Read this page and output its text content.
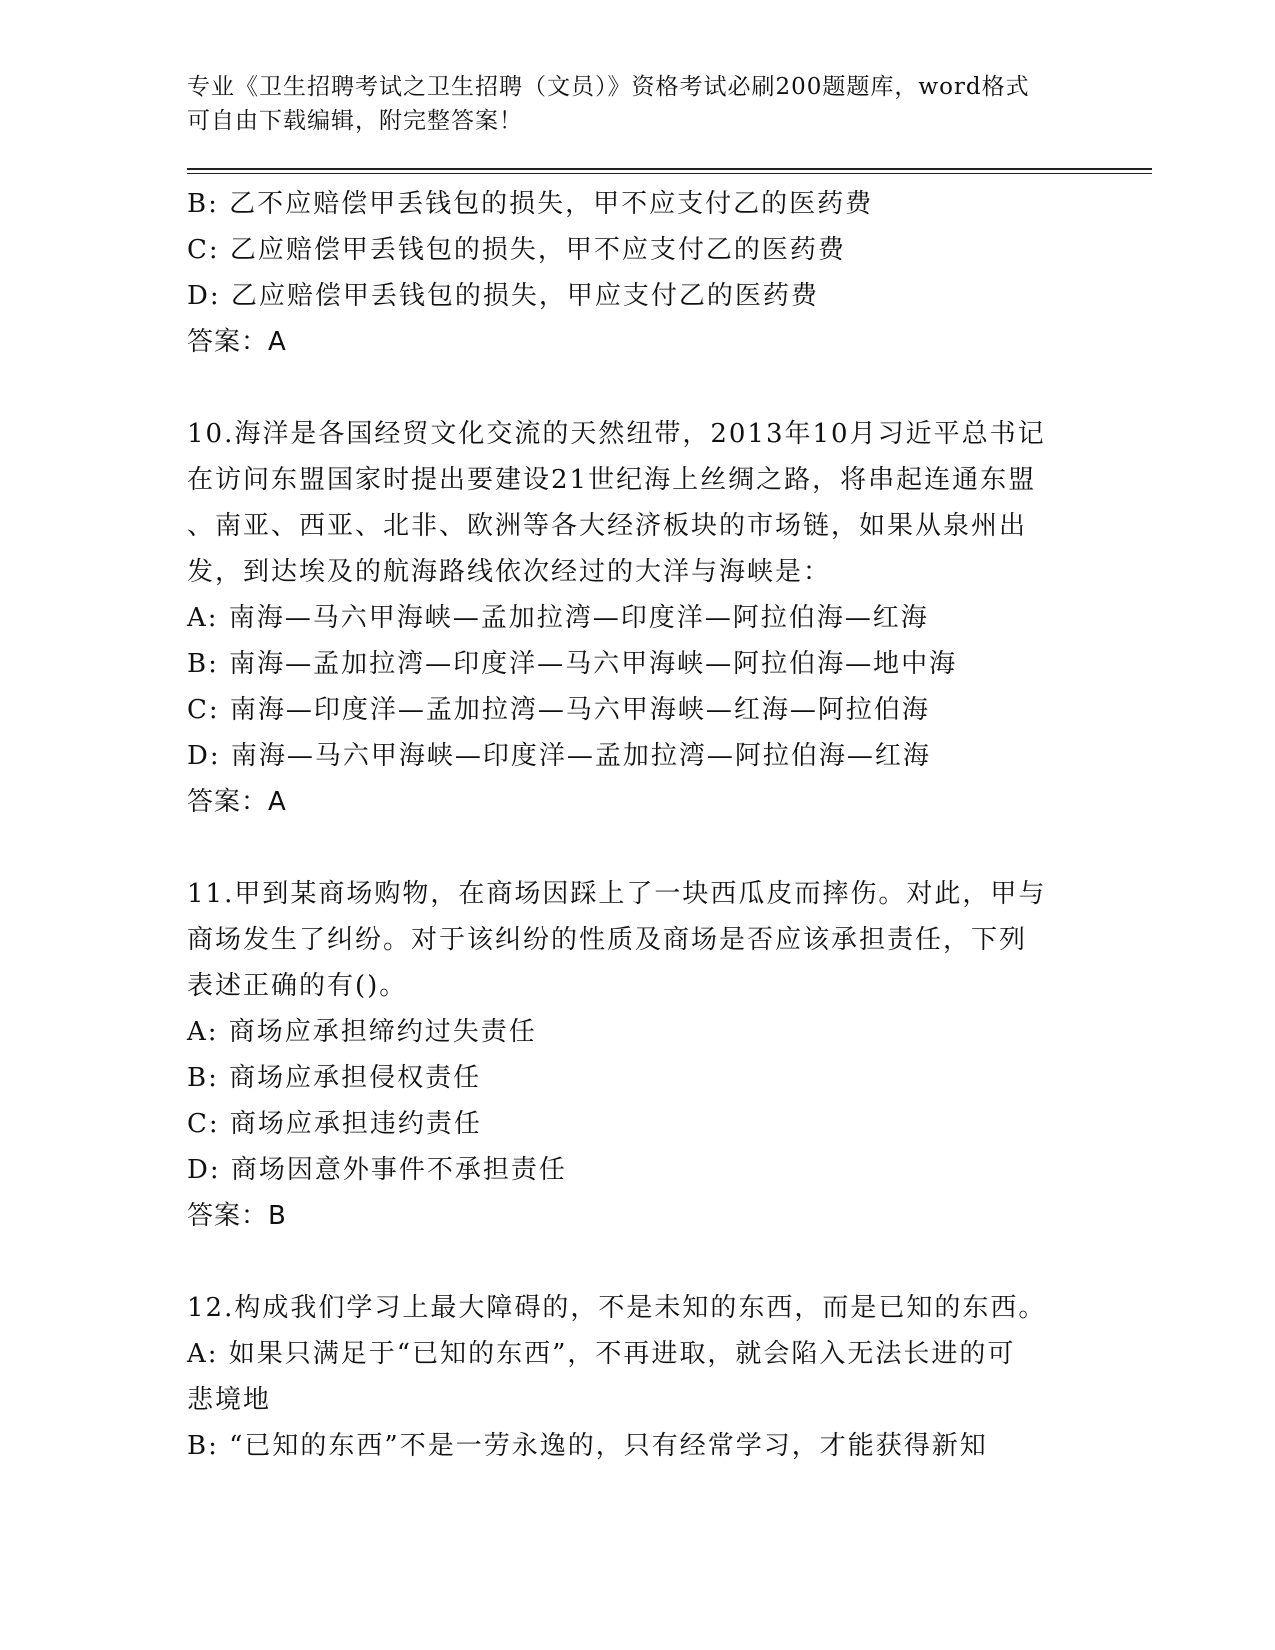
专业《卫生招聘考试之卫生招聘（文员）》资格考试必刷200题题库，word格式
可自由下载编辑，附完整答案！

B: 乙不应赔偿甲丢钱包的损失，甲不应支付乙的医药费
C: 乙应赔偿甲丢钱包的损失，甲不应支付乙的医药费
D: 乙应赔偿甲丢钱包的损失，甲应支付乙的医药费
答案：A
10.海洋是各国经贸文化交流的天然纽带，2013年10月习近平总书记
在访问东盟国家时提出要建设21世纪海上丝绸之路，将串起连通东盟
、南亚、西亚、北非、欧洲等各大经济板块的市场链，如果从泉州出
发，到达埃及的航海路线依次经过的大洋与海峡是：
A: 南海—马六甲海峡—孟加拉湾—印度洋—阿拉伯海—红海
B: 南海—孟加拉湾—印度洋—马六甲海峡—阿拉伯海—地中海
C: 南海—印度洋—孟加拉湾—马六甲海峡—红海—阿拉伯海
D: 南海—马六甲海峡—印度洋—孟加拉湾—阿拉伯海—红海
答案：A
11.甲到某商场购物，在商场因踩上了一块西瓜皮而摔伤。对此，甲与
商场发生了纠纷。对于该纠纷的性质及商场是否应该承担责任，下列
表述正确的有()。
A: 商场应承担缔约过失责任
B: 商场应承担侵权责任
C: 商场应承担违约责任
D: 商场因意外事件不承担责任
答案：B
12.构成我们学习上最大障碍的，不是未知的东西，而是已知的东西。
A: 如果只满足于“已知的东西”，不再进取，就会陷入无法长进的可
悲境地
B: “已知的东西”不是一劳永逸的，只有经常学习，才能获得新知
